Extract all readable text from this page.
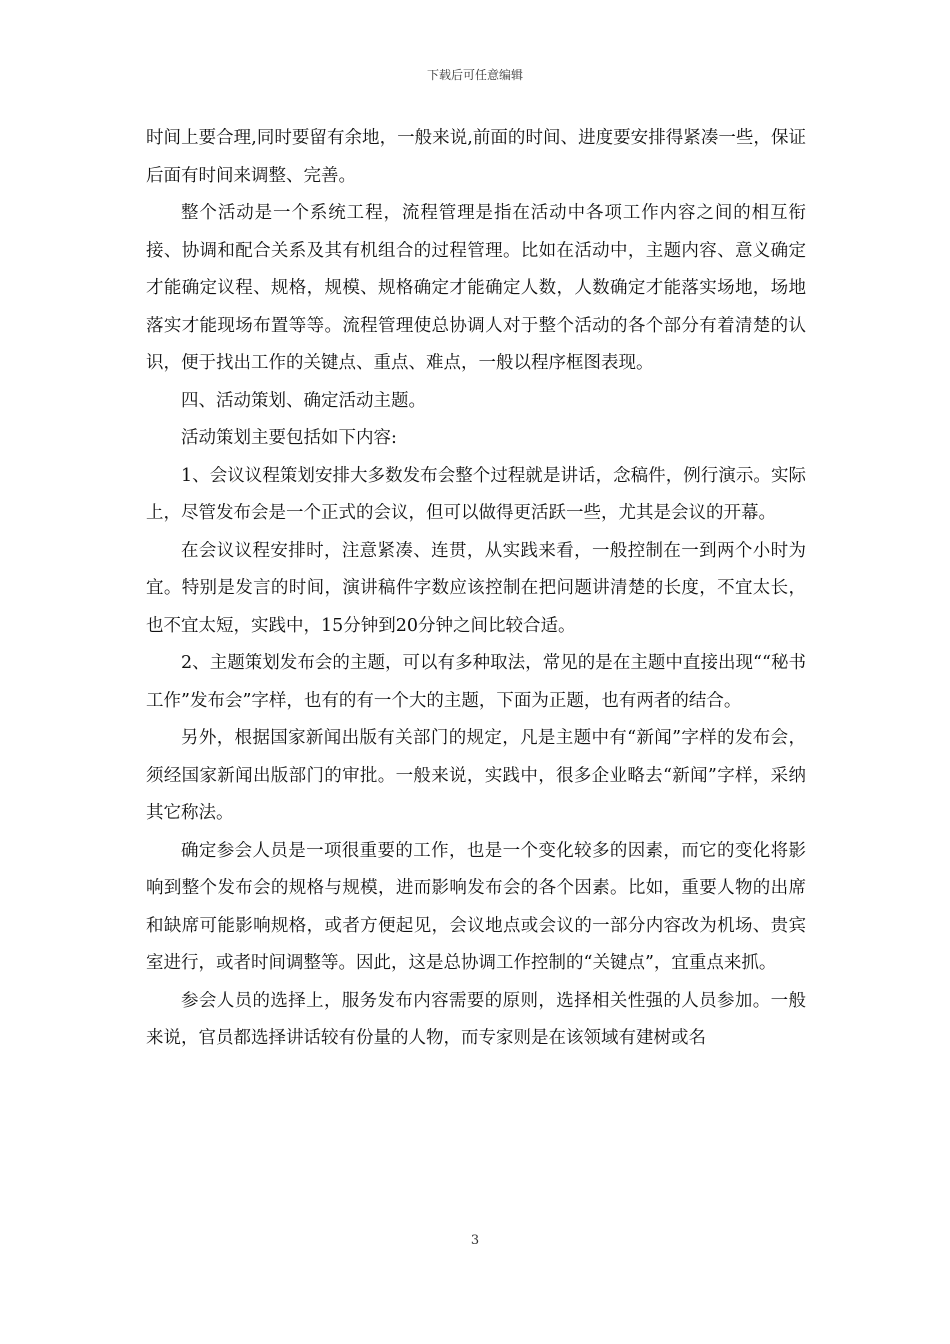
下载后可任意编辑

时间上要合理,同时要留有余地，一般来说,前面的时间、进度要安排得紧凑一些，保证后面有时间来调整、完善。

整个活动是一个系统工程，流程管理是指在活动中各项工作内容之间的相互衔接、协调和配合关系及其有机组合的过程管理。比如在活动中，主题内容、意义确定才能确定议程、规格，规模、规格确定才能确定人数，人数确定才能落实场地，场地落实才能现场布置等等。流程管理使总协调人对于整个活动的各个部分有着清楚的认识，便于找出工作的关键点、重点、难点，一般以程序框图表现。

四、活动策划、确定活动主题。

活动策划主要包括如下内容:

1、会议议程策划安排大多数发布会整个过程就是讲话，念稿件，例行演示。实际上，尽管发布会是一个正式的会议，但可以做得更活跃一些，尤其是会议的开幕。

在会议议程安排时，注意紧凑、连贯，从实践来看，一般控制在一到两个小时为宜。特别是发言的时间，演讲稿件字数应该控制在把问题讲清楚的长度，不宜太长，也不宜太短，实践中，15分钟到20分钟之间比较合适。

2、主题策划发布会的主题，可以有多种取法，常见的是在主题中直接出现““秘书工作”发布会”字样，也有的有一个大的主题，下面为正题，也有两者的结合。

另外，根据国家新闻出版有关部门的规定，凡是主题中有“新闻”字样的发布会，须经国家新闻出版部门的审批。一般来说，实践中，很多企业略去“新闻”字样，采纳其它称法。

确定参会人员是一项很重要的工作，也是一个变化较多的因素，而它的变化将影响到整个发布会的规格与规模，进而影响发布会的各个因素。比如，重要人物的出席和缺席可能影响规格，或者方便起见，会议地点或会议的一部分内容改为机场、贵宾室进行，或者时间调整等。因此，这是总协调工作控制的“关键点”，宜重点来抓。

参会人员的选择上，服务发布内容需要的原则，选择相关性强的人员参加。一般来说，官员都选择讲话较有份量的人物，而专家则是在该领域有建树或名

3
